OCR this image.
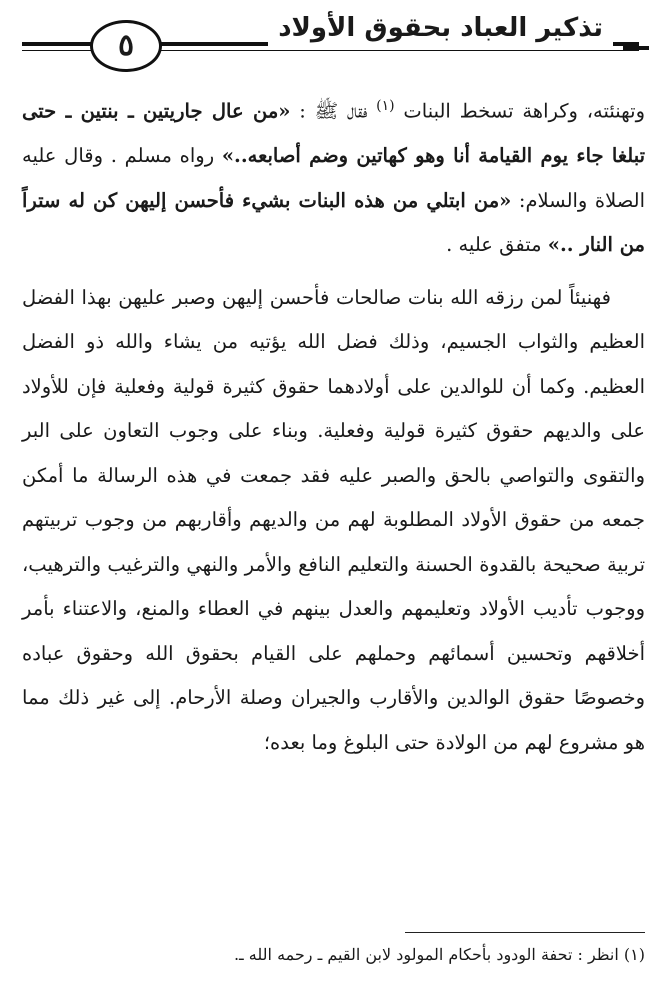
٥	تذكير العباد بحقوق الأولاد

وتهنئته، وكراهة تسخط البنات $^{(١)}$ فقال ﷺ : «من عال جاريتين ـ بنتين ـ حتى تبلغا جاء يوم القيامة أنا وهو كهاتين وضم أصابعه..» رواه مسلم . وقال عليه الصلاة والسلام: «من ابتلي من هذه البنات بشيء فأحسن إليهن كن له ستراً من النار ..» متفق عليه .

فهنيئاً لمن رزقه الله بنات صالحات فأحسن إليهن وصبر عليهن بهذا الفضل العظيم والثواب الجسيم، وذلك فضل الله يؤتيه من يشاء والله ذو الفضل العظيم. وكما أن للوالدين على أولادهما حقوق كثيرة قولية وفعلية فإن للأولاد على والديهم حقوق كثيرة قولية وفعلية. وبناء على وجوب التعاون على البر والتقوى والتواصي بالحق والصبر عليه فقد جمعت في هذه الرسالة ما أمكن جمعه من حقوق الأولاد المطلوبة لهم من والديهم وأقاربهم من وجوب تربيتهم تربية صحيحة بالقدوة الحسنة والتعليم النافع والأمر والنهي والترغيب والترهيب، ووجوب تأديب الأولاد وتعليمهم والعدل بينهم في العطاء والمنع، والاعتناء بأمر أخلاقهم وتحسين أسمائهم وحملهم على القيام بحقوق الله وحقوق عباده وخصوصًا حقوق الوالدين والأقارب والجيران وصلة الأرحام. إلى غير ذلك مما هو مشروع لهم من الولادة حتى البلوغ وما بعده؛

(١) انظر : تحفة الودود بأحكام المولود لابن القيم ـ رحمه الله ـ.
